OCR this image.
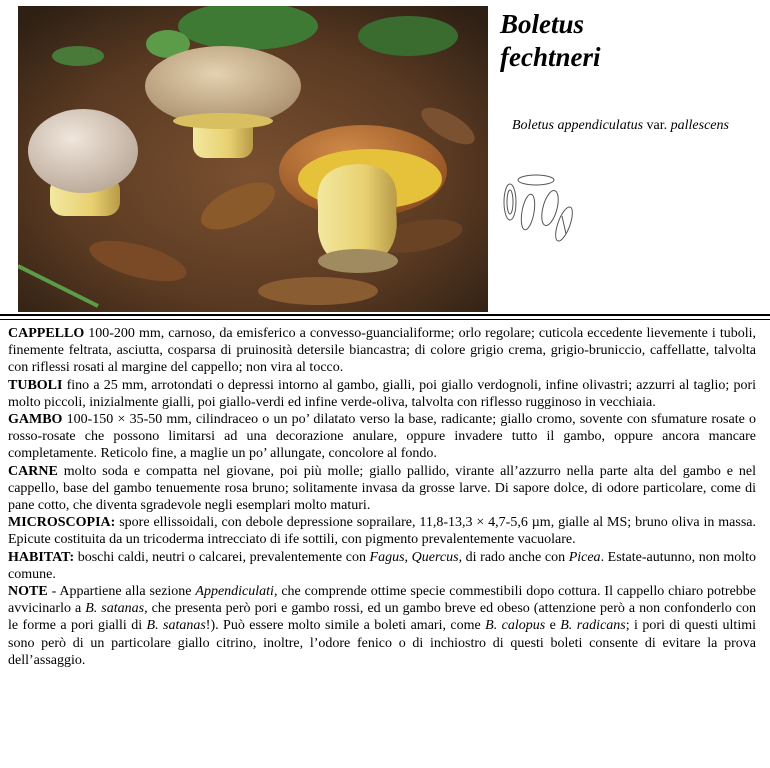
Boletus
fechtneri
Boletus appendiculatus var. pallescens

CAPPELLO 100-200 mm, carnoso, da emisferico a convesso-guancialiforme; orlo regolare; cuticola eccedente lievemente i tuboli, finemente feltrata, asciutta, cosparsa di pruinosità detersile biancastra; di colore grigio crema, grigio-bruniccio, caffellatte, talvolta con riflessi rosati al margine del cappello; non vira al tocco.

TUBOLI fino a 25 mm, arrotondati o depressi intorno al gambo, gialli, poi giallo verdognoli, infine olivastri; azzurri al taglio; pori molto piccoli, inizialmente gialli, poi giallo-verdi ed infine verde-oliva, talvolta con riflesso rugginoso in vecchiaia.

GAMBO 100-150 × 35-50 mm, cilindraceo o un po’ dilatato verso la base, radicante; giallo cromo, sovente con sfumature rosate o rosso-rosate che possono limitarsi ad una decorazione anulare, oppure invadere tutto il gambo, oppure ancora mancare completamente. Reticolo fine, a maglie un po’ allungate, concolore al fondo.

CARNE molto soda e compatta nel giovane, poi più molle; giallo pallido, virante all’azzurro nella parte alta del gambo e nel cappello, base del gambo tenuemente rosa bruno; solitamente invasa da grosse larve. Di sapore dolce, di odore particolare, come di pane cotto, che diventa sgradevole negli esemplari molto maturi.

MICROSCOPIA: spore ellissoidali, con debole depressione soprailare, 11,8-13,3 × 4,7-5,6 µm, gialle al MS; bruno oliva in massa. Epicute costituita da un tricoderma intrecciato di ife sottili, con pigmento prevalentemente vacuolare.

HABITAT: boschi caldi, neutri o calcarei, prevalentemente con Fagus, Quercus, di rado anche con Picea. Estate-autunno, non molto comune.

NOTE - Appartiene alla sezione Appendiculati, che comprende ottime specie commestibili dopo cottura. Il cappello chiaro potrebbe avvicinarlo a B. satanas, che presenta però pori e gambo rossi, ed un gambo breve ed obeso (attenzione però a non confonderlo con le forme a pori gialli di B. satanas!). Può essere molto simile a boleti amari, come B. calopus e B. radicans; i pori di questi ultimi sono però di un particolare giallo citrino, inoltre, l’odore fenico o di inchiostro di questi boleti consente di evitare la prova dell’assaggio.
